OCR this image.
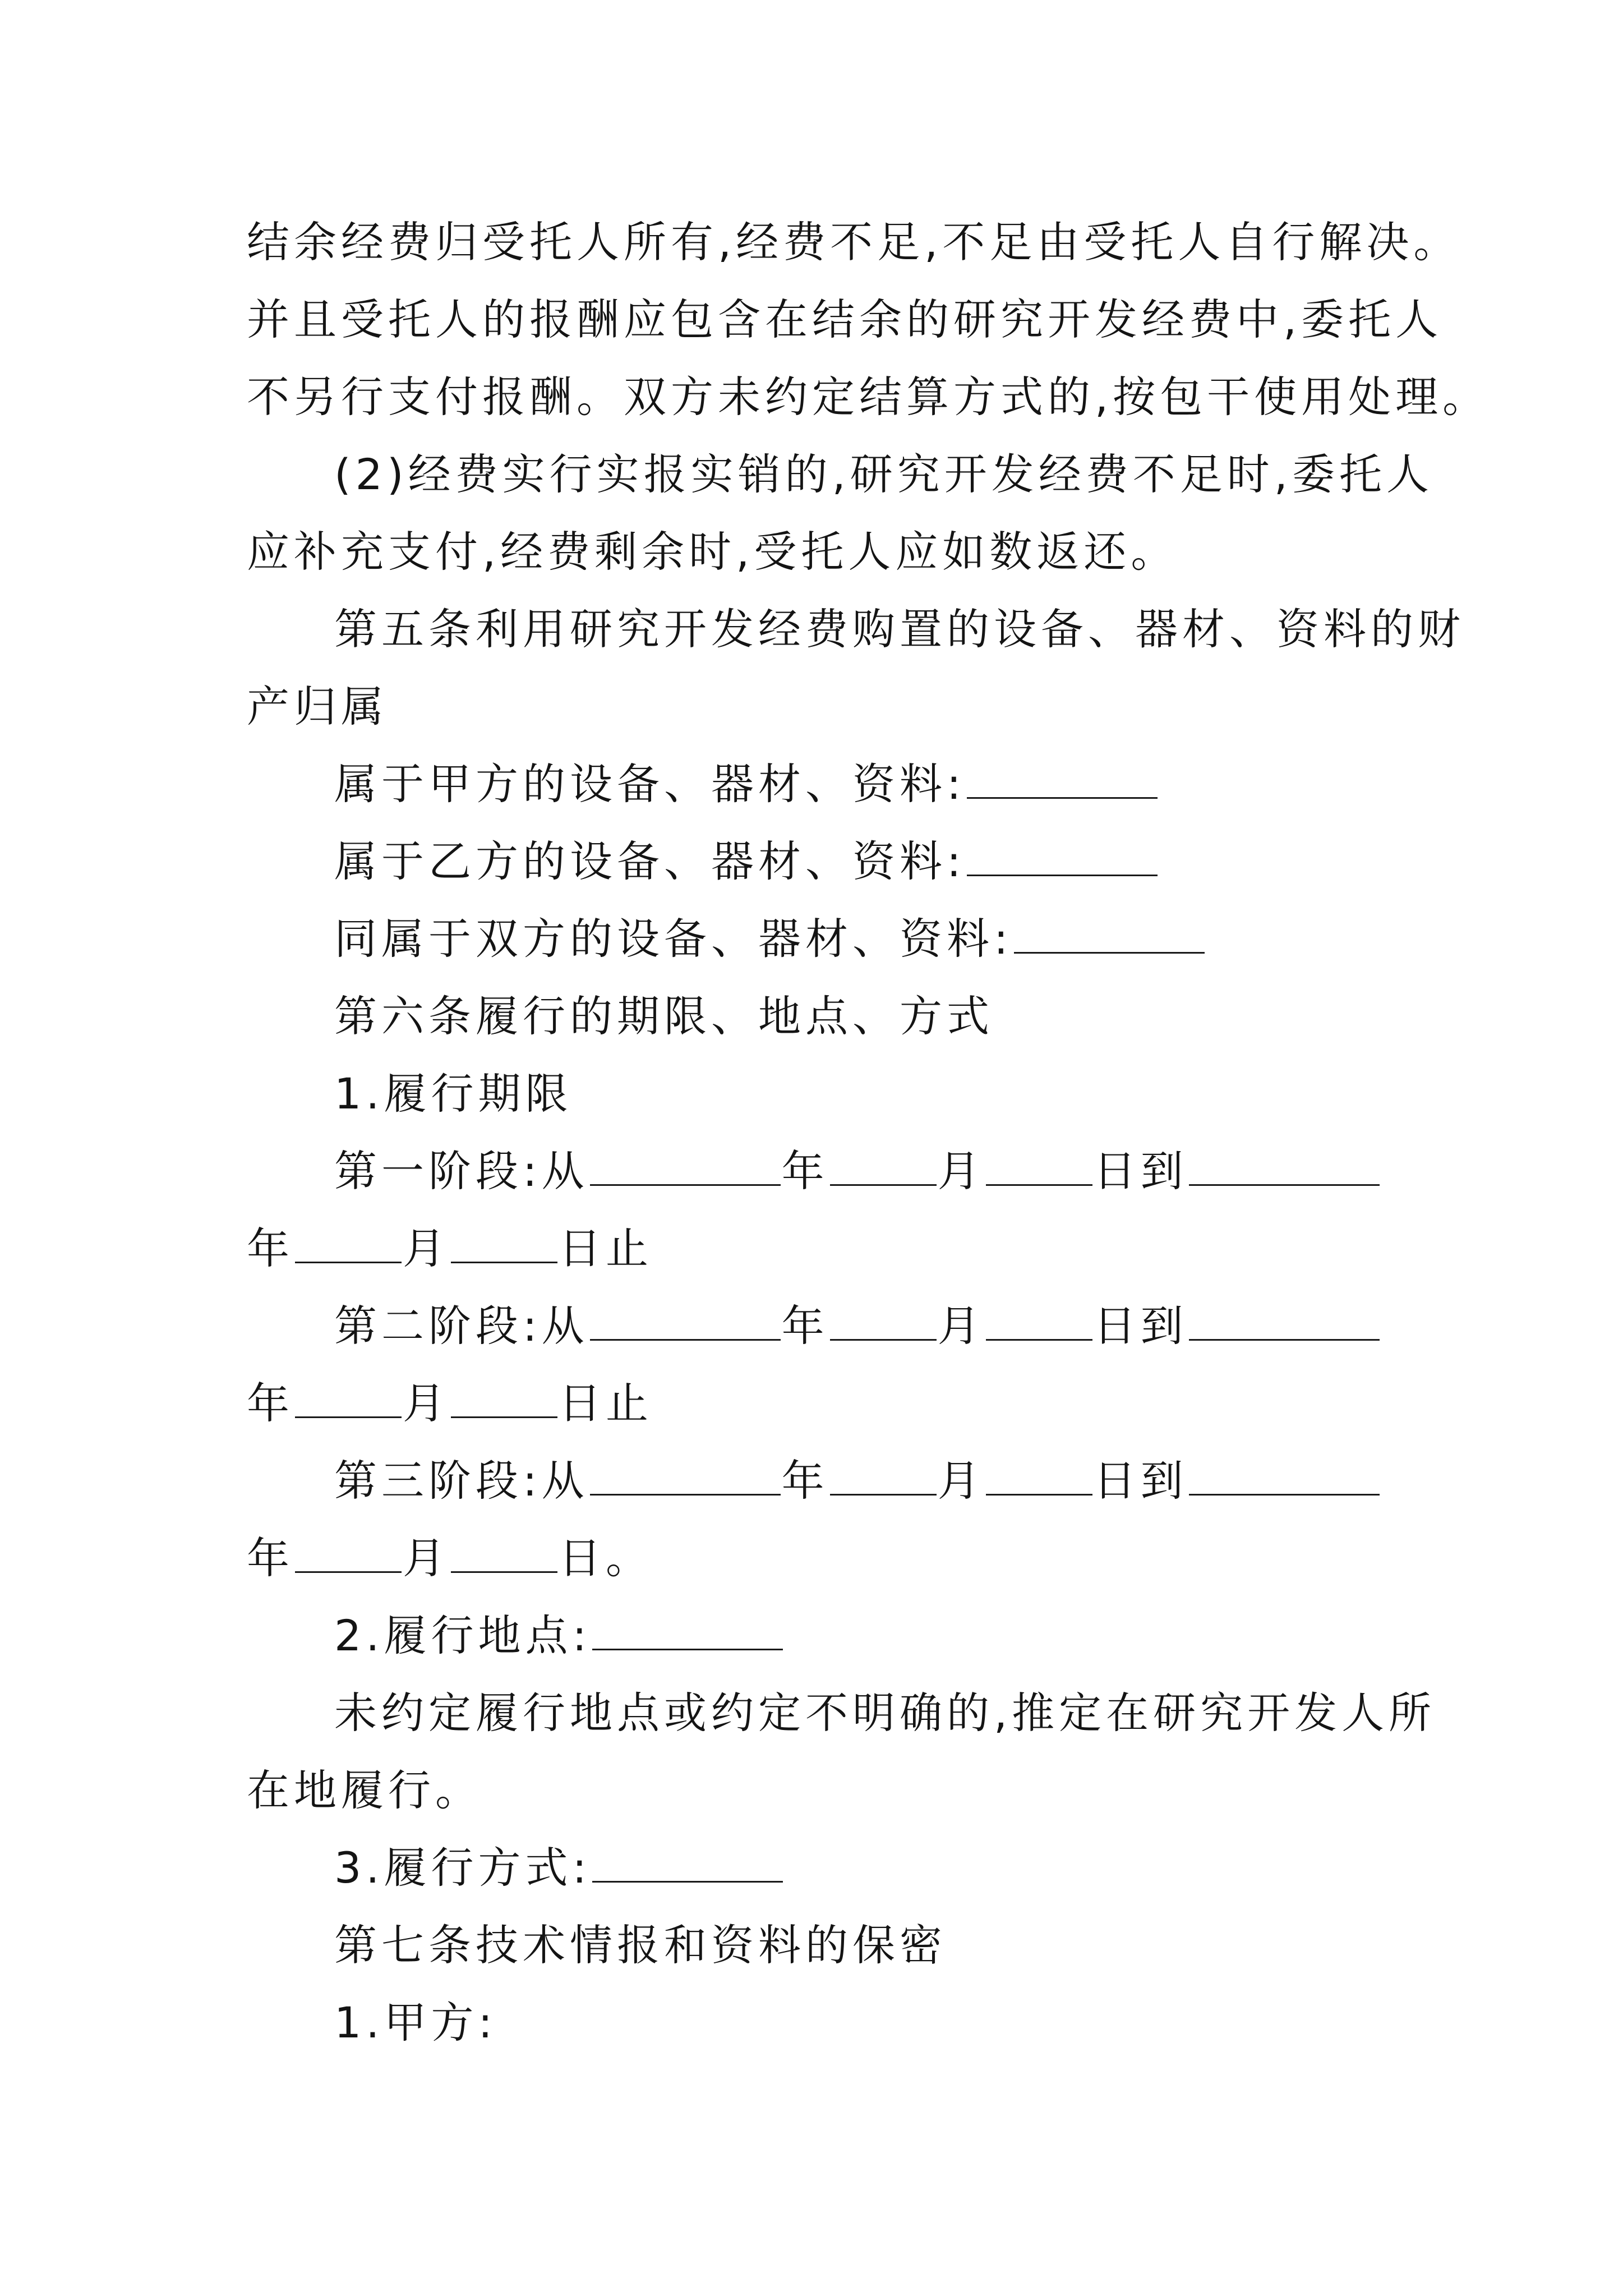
结余经费归受托人所有,经费不足,不足由受托人自行解决。
并且受托人的报酬应包含在结余的研究开发经费中,委托人
不另行支付报酬。双方未约定结算方式的,按包干使用处理。
(2)经费实行实报实销的,研究开发经费不足时,委托人
应补充支付,经费剩余时,受托人应如数返还。
第五条利用研究开发经费购置的设备、器材、资料的财
产归属
属于甲方的设备、器材、资料:
属于乙方的设备、器材、资料:
同属于双方的设备、器材、资料:
第六条履行的期限、地点、方式
1.履行期限
第一阶段:从	年	月	日到
年	月	日止
第二阶段:从	年	月	日到
年	月	日止
第三阶段:从	年	月	日到
年	月	日。
2.履行地点:
未约定履行地点或约定不明确的,推定在研究开发人所
在地履行。
3.履行方式:
第七条技术情报和资料的保密
1.甲方:
